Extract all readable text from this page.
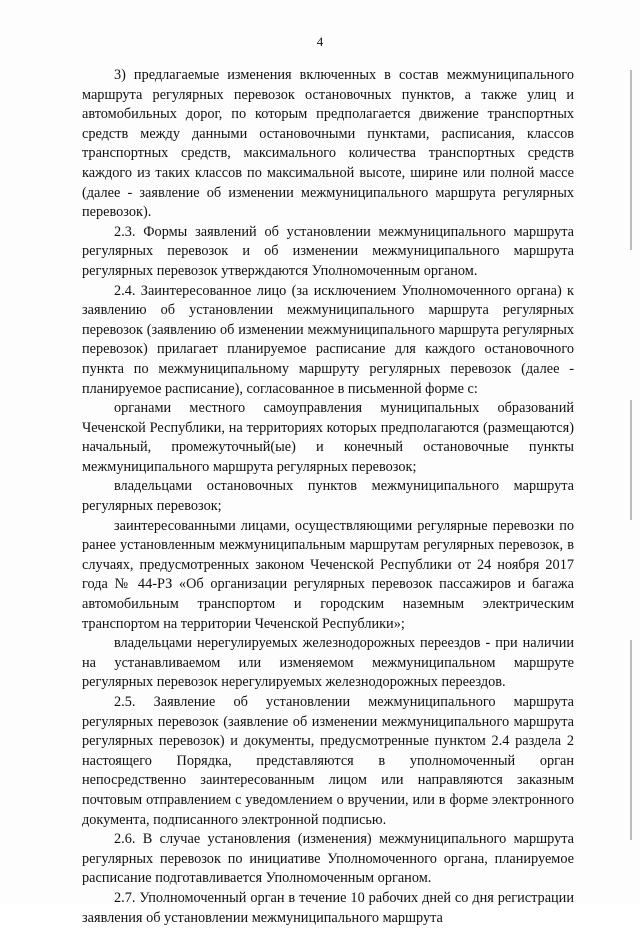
4

3) предлагаемые изменения включенных в состав межмуниципального маршрута регулярных перевозок остановочных пунктов, а также улиц и автомобильных дорог, по которым предполагается движение транспортных средств между данными остановочными пунктами, расписания, классов транспортных средств, максимального количества транспортных средств каждого из таких классов по максимальной высоте, ширине или полной массе (далее - заявление об изменении межмуниципального маршрута регулярных перевозок).

2.3. Формы заявлений об установлении межмуниципального маршрута регулярных перевозок и об изменении межмуниципального маршрута регулярных перевозок утверждаются Уполномоченным органом.

2.4. Заинтересованное лицо (за исключением Уполномоченного органа) к заявлению об установлении межмуниципального маршрута регулярных перевозок (заявлению об изменении межмуниципального маршрута регулярных перевозок) прилагает планируемое расписание для каждого остановочного пункта по межмуниципальному маршруту регулярных перевозок (далее - планируемое расписание), согласованное в письменной форме с:

органами местного самоуправления муниципальных образований Чеченской Республики, на территориях которых предполагаются (размещаются) начальный, промежуточный(ые) и конечный остановочные пункты межмуниципального маршрута регулярных перевозок;

владельцами остановочных пунктов межмуниципального маршрута регулярных перевозок;

заинтересованными лицами, осуществляющими регулярные перевозки по ранее установленным межмуниципальным маршрутам регулярных перевозок, в случаях, предусмотренных законом Чеченской Республики от 24 ноября 2017 года № 44-РЗ «Об организации регулярных перевозок пассажиров и багажа автомобильным транспортом и городским наземным электрическим транспортом на территории Чеченской Республики»;

владельцами нерегулируемых железнодорожных переездов - при наличии на устанавливаемом или изменяемом межмуниципальном маршруте регулярных перевозок нерегулируемых железнодорожных переездов.

2.5. Заявление об установлении межмуниципального маршрута регулярных перевозок (заявление об изменении межмуниципального маршрута регулярных перевозок) и документы, предусмотренные пунктом 2.4 раздела 2 настоящего Порядка, представляются в уполномоченный орган непосредственно заинтересованным лицом или направляются заказным почтовым отправлением с уведомлением о вручении, или в форме электронного документа, подписанного электронной подписью.

2.6. В случае установления (изменения) межмуниципального маршрута регулярных перевозок по инициативе Уполномоченного органа, планируемое расписание подготавливается Уполномоченным органом.

2.7. Уполномоченный орган в течение 10 рабочих дней со дня регистрации заявления об установлении межмуниципального маршрута
